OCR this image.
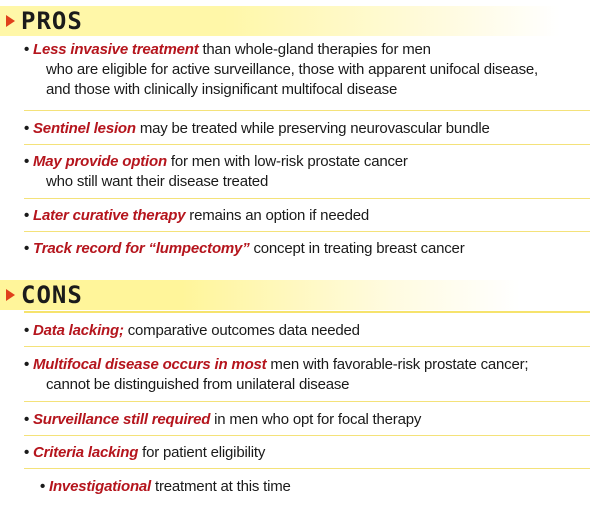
PROS
• Less invasive treatment than whole-gland therapies for men
who are eligible for active surveillance, those with apparent unifocal disease,
and those with clinically insignificant multifocal disease
• Sentinel lesion may be treated while preserving neurovascular bundle
• May provide option for men with low-risk prostate cancer
who still want their disease treated
• Later curative therapy remains an option if needed
• Track record for “lumpectomy” concept in treating breast cancer
CONS
• Data lacking; comparative outcomes data needed
• Multifocal disease occurs in most men with favorable-risk prostate cancer;
cannot be distinguished from unilateral disease
• Surveillance still required in men who opt for focal therapy
• Criteria lacking for patient eligibility
• Investigational treatment at this time
